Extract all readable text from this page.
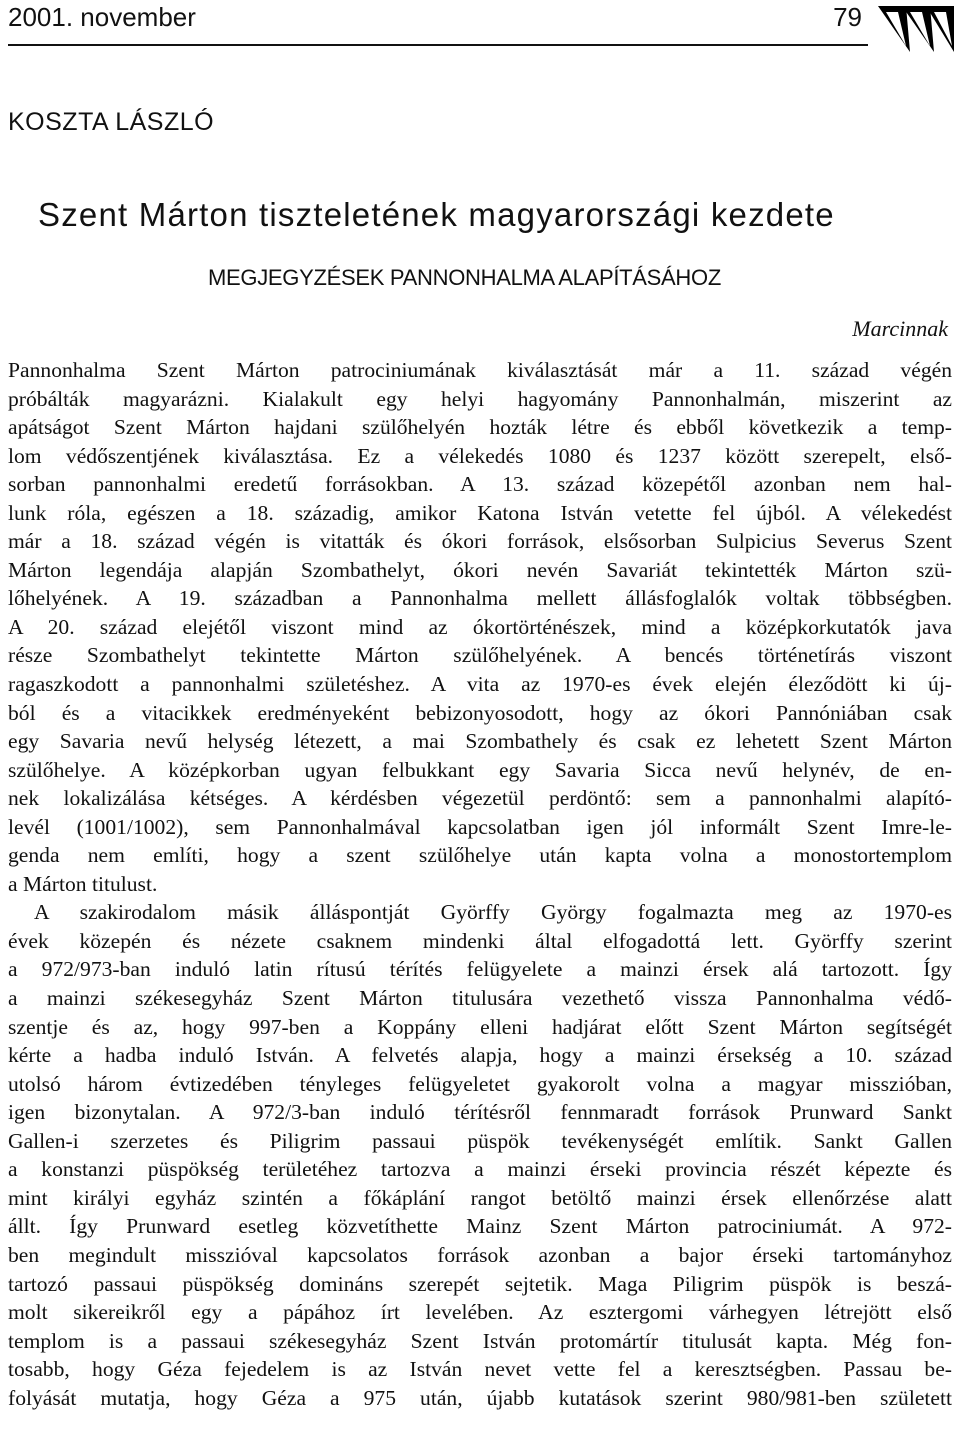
2001. november	79
KOSZTA LÁSZLÓ
Szent Márton tiszteletének magyarországi kezdete
MEGJEGYZÉSEK PANNONHALMA ALAPÍTÁSÁHOZ
Marcinnak
Pannonhalma Szent Márton patrociniumának kiválasztását már a 11. század végén
próbálták magyarázni. Kialakult egy helyi hagyomány Pannonhalmán, miszerint az
apátságot Szent Márton hajdani szülőhelyén hozták létre és ebből következik a temp-
lom védőszentjének kiválasztása. Ez a vélekedés 1080 és 1237 között szerepelt, első-
sorban pannonhalmi eredetű forrásokban. A 13. század közepétől azonban nem hal-
lunk róla, egészen a 18. századig, amikor Katona István vetette fel újból. A vélekedést
már a 18. század végén is vitatták és ókori források, elsősorban Sulpicius Severus Szent
Márton legendája alapján Szombathelyt, ókori nevén Savariát tekintették Márton szü-
lőhelyének. A 19. században a Pannonhalma mellett állásfoglalók voltak többségben.
A 20. század elejétől viszont mind az ókortörténészek, mind a középkorkutatók java
része Szombathelyt tekintette Márton szülőhelyének. A bencés történetírás viszont
ragaszkodott a pannonhalmi születéshez. A vita az 1970-es évek elején éleződött ki új-
ból és a vitacikkek eredményeként bebizonyosodott, hogy az ókori Pannóniában csak
egy Savaria nevű helység létezett, a mai Szombathely és csak ez lehetett Szent Márton
szülőhelye. A középkorban ugyan felbukkant egy Savaria Sicca nevű helynév, de en-
nek lokalizálása kétséges. A kérdésben végezetül perdöntő: sem a pannonhalmi alapító-
levél (1001/1002), sem Pannonhalmával kapcsolatban igen jól informált Szent Imre-le-
genda nem említi, hogy a szent szülőhelye után kapta volna a monostortemplom
a Márton titulust.
A szakirodalom másik álláspontját Györffy György fogalmazta meg az 1970-es
évek közepén és nézete csaknem mindenki által elfogadottá lett. Györffy szerint
a 972/973-ban induló latin rítusú térítés felügyelete a mainzi érsek alá tartozott. Így
a mainzi székesegyház Szent Márton titulusára vezethető vissza Pannonhalma védő-
szentje és az, hogy 997-ben a Koppány elleni hadjárat előtt Szent Márton segítségét
kérte a hadba induló István. A felvetés alapja, hogy a mainzi érsekség a 10. század
utolsó három évtizedében tényleges felügyeletet gyakorolt volna a magyar misszióban,
igen bizonytalan. A 972/3-ban induló térítésről fennmaradt források Prunward Sankt
Gallen-i szerzetes és Piligrim passaui püspök tevékenységét említik. Sankt Gallen
a konstanzi püspökség területéhez tartozva a mainzi érseki provincia részét képezte és
mint királyi egyház szintén a főkáplání rangot betöltő mainzi érsek ellenőrzése alatt
állt. Így Prunward esetleg közvetíthette Mainz Szent Márton patrociniumát. A 972-
ben megindult misszióval kapcsolatos források azonban a bajor érseki tartományhoz
tartozó passaui püspökség domináns szerepét sejtetik. Maga Piligrim püspök is beszá-
molt sikereikről egy a pápához írt levelében. Az esztergomi várhegyen létrejött első
templom is a passaui székesegyház Szent István protomártír titulusát kapta. Még fon-
tosabb, hogy Géza fejedelem is az István nevet vette fel a keresztségben. Passau be-
folyását mutatja, hogy Géza a 975 után, újabb kutatások szerint 980/981-ben született
